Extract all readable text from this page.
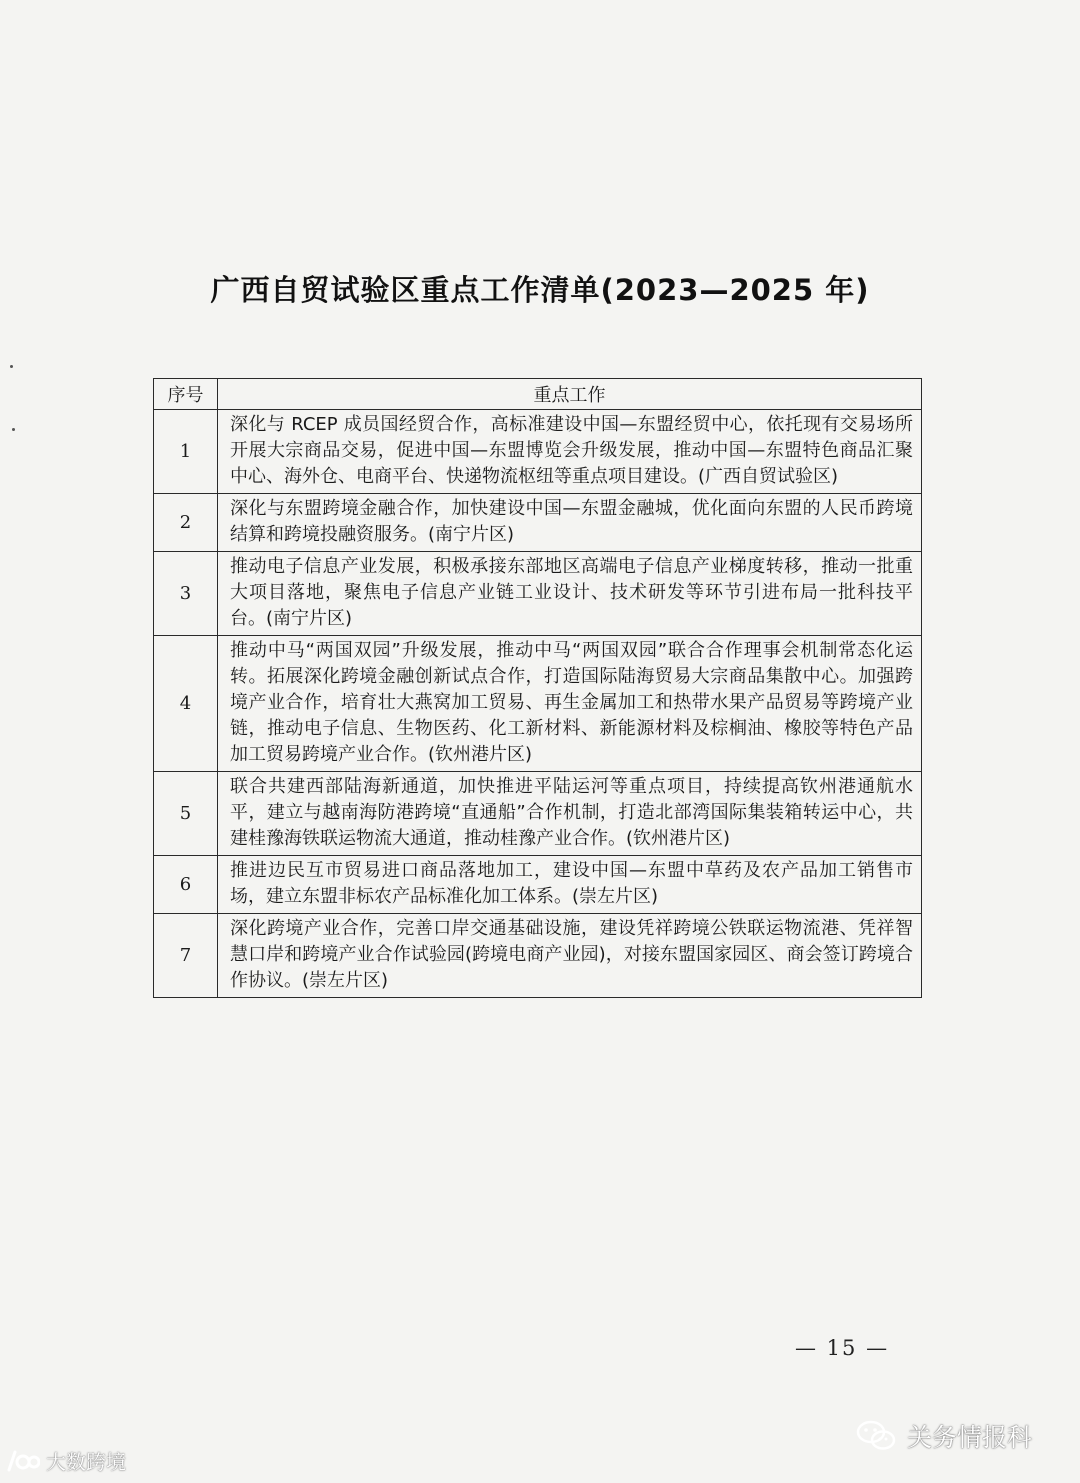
广西自贸试验区重点工作清单(2023—2025 年)
序号	重点工作
1	深化与 RCEP 成员国经贸合作，高标准建设中国—东盟经贸中心，依托现有交易场所开展大宗商品交易，促进中国—东盟博览会升级发展，推动中国—东盟特色商品汇聚中心、海外仓、电商平台、快递物流枢纽等重点项目建设。(广西自贸试验区)
2	深化与东盟跨境金融合作，加快建设中国—东盟金融城，优化面向东盟的人民币跨境结算和跨境投融资服务。(南宁片区)
3	推动电子信息产业发展，积极承接东部地区高端电子信息产业梯度转移，推动一批重大项目落地，聚焦电子信息产业链工业设计、技术研发等环节引进布局一批科技平台。(南宁片区)
4	推动中马“两国双园”升级发展，推动中马“两国双园”联合合作理事会机制常态化运转。拓展深化跨境金融创新试点合作，打造国际陆海贸易大宗商品集散中心。加强跨境产业合作，培育壮大燕窝加工贸易、再生金属加工和热带水果产品贸易等跨境产业链，推动电子信息、生物医药、化工新材料、新能源材料及棕榈油、橡胶等特色产品加工贸易跨境产业合作。(钦州港片区)
5	联合共建西部陆海新通道，加快推进平陆运河等重点项目，持续提高钦州港通航水平，建立与越南海防港跨境“直通船”合作机制，打造北部湾国际集装箱转运中心，共建桂豫海铁联运物流大通道，推动桂豫产业合作。(钦州港片区)
6	推进边民互市贸易进口商品落地加工，建设中国—东盟中草药及农产品加工销售市场，建立东盟非标农产品标准化加工体系。(崇左片区)
7	深化跨境产业合作，完善口岸交通基础设施，建设凭祥跨境公铁联运物流港、凭祥智慧口岸和跨境产业合作试验园(跨境电商产业园)，对接东盟国家园区、商会签订跨境合作协议。(崇左片区)
— 15 —
大数跨境
关务情报科
